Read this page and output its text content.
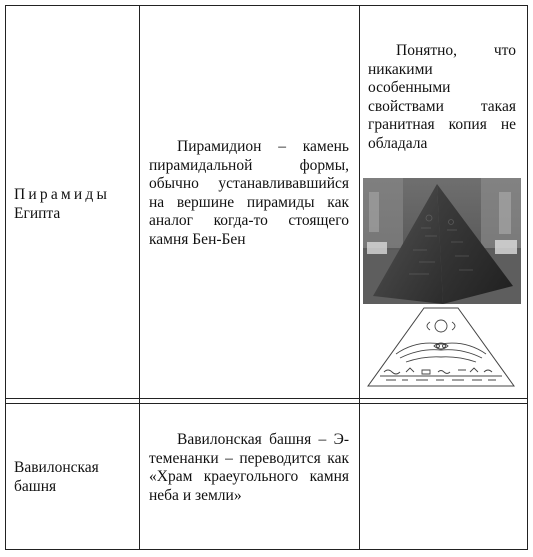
Пирамиды
Египта
Пирамидион – камень пирамидальной формы, обычно устанавливавшийся на вершине пирамиды как аналог когда-то стоящего камня Бен-Бен
Понятно, что никакими особенными свойствами такая гранитная копия не обладала
Вавилонская
башня
Вавилонская башня – Э-теменанки – переводится как «Храм краеугольного камня неба и земли»
